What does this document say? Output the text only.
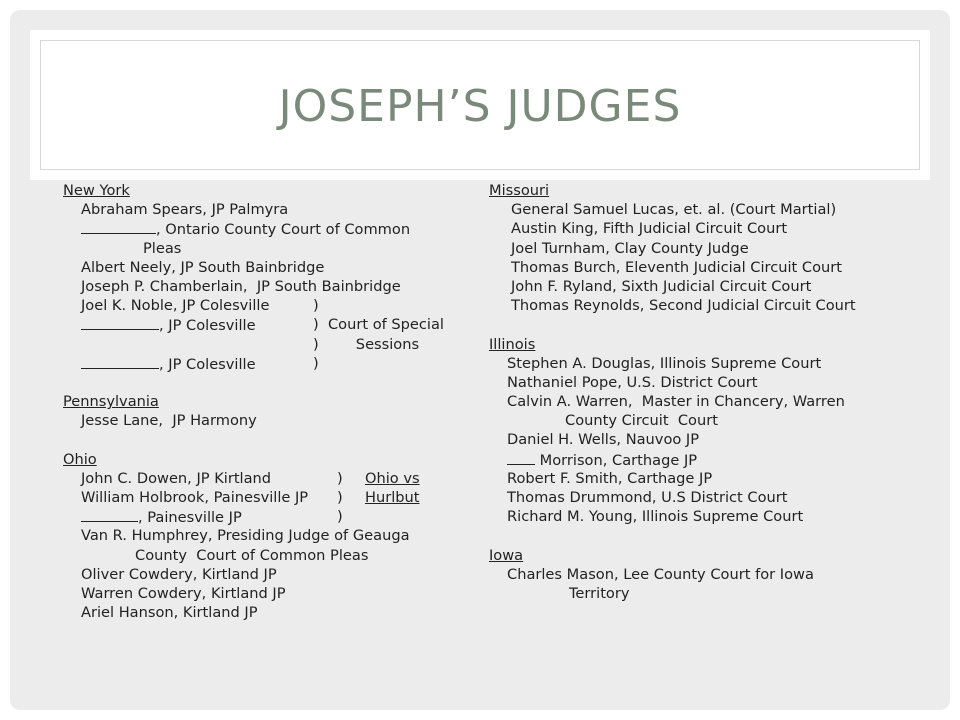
JOSEPH’S JUDGES
New York
Abraham Spears, JP Palmyra
, Ontario County Court of Common
Pleas
Albert Neely, JP South Bainbridge
Joseph P. Chamberlain,  JP South Bainbridge
Joel K. Noble, JP Colesville	)
, JP Colesville	)  Court of Special
)        Sessions
, JP Colesville	)
Pennsylvania
Jesse Lane,  JP Harmony
Ohio
John C. Dowen, JP Kirtland	) Ohio vs
William Holbrook, Painesville JP ) Hurlbut
, Painesville JP	)
Van R. Humphrey, Presiding Judge of Geauga
County  Court of Common Pleas
Oliver Cowdery, Kirtland JP
Warren Cowdery, Kirtland JP
Ariel Hanson, Kirtland JP
Missouri
General Samuel Lucas, et. al. (Court Martial)
Austin King, Fifth Judicial Circuit Court
Joel Turnham, Clay County Judge
Thomas Burch, Eleventh Judicial Circuit Court
John F. Ryland, Sixth Judicial Circuit Court
Thomas Reynolds, Second Judicial Circuit Court
Illinois
Stephen A. Douglas, Illinois Supreme Court
Nathaniel Pope, U.S. District Court
Calvin A. Warren,  Master in Chancery, Warren
County Circuit  Court
Daniel H. Wells, Nauvoo JP
Morrison, Carthage JP
Robert F. Smith, Carthage JP
Thomas Drummond, U.S District Court
Richard M. Young, Illinois Supreme Court
Iowa
Charles Mason, Lee County Court for Iowa
Territory
